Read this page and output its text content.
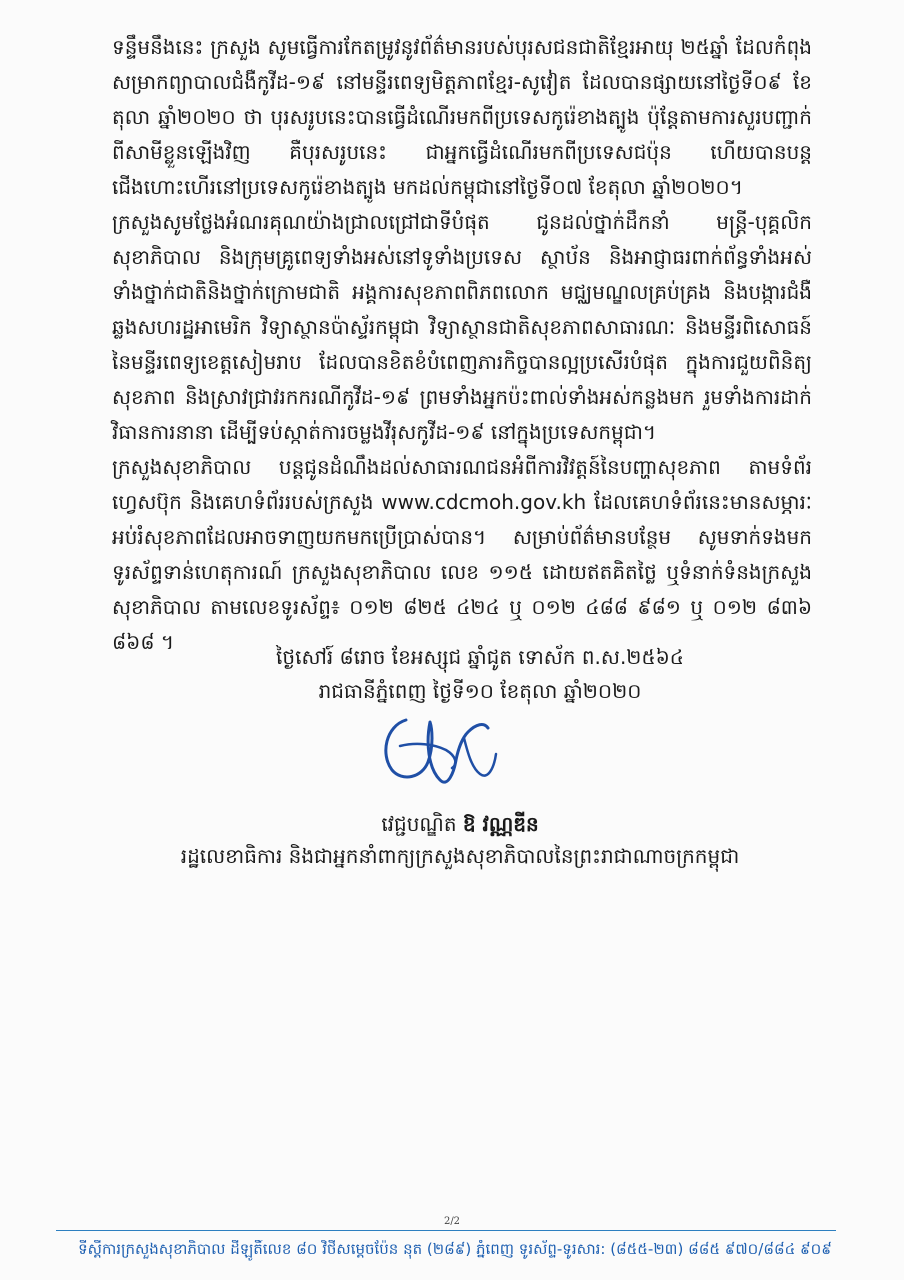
ទន្ទឹមនឹងនេះ ក្រសួង សូមធ្វើការកែតម្រូវនូវព័ត៌មានរបស់បុរសជនជាតិខ្មែរអាយុ ២៥ឆ្នាំ ដែលកំពុងសម្រាកព្យាបាលជំងឺកូវីដ-១៩ នៅមន្ទីរពេទ្យមិត្តភាពខ្មែរ-សូវៀត ដែលបានផ្សាយនៅថ្ងៃទី០៩ ខែតុលា ឆ្នាំ២០២០ ថា បុរសរូបនេះបានធ្វើដំណើរមកពីប្រទេសកូរ៉េខាងត្បូង ប៉ុន្តែតាមការសួរបញ្ជាក់ពីសាមីខ្លួនឡើងវិញ គឺបុរសរូបនេះ ជាអ្នកធ្វើដំណើរមកពីប្រទេសជប៉ុន ហើយបានបន្តជើងហោះហើរនៅប្រទេសកូរ៉េខាងត្បូង មកដល់កម្ពុជានៅថ្ងៃទី០៧ ខែតុលា ឆ្នាំ២០២០។

ក្រសួងសូមថ្លែងអំណរគុណយ៉ាងជ្រាលជ្រៅជាទីបំផុត ជូនដល់ថ្នាក់ដឹកនាំ មន្ត្រី-បុគ្គលិកសុខាភិបាល និងក្រុមគ្រូពេទ្យទាំងអស់នៅទូទាំងប្រទេស ស្ថាប័ន និងអាជ្ញាធរពាក់ព័ន្ធទាំងអស់ ទាំងថ្នាក់ជាតិនិងថ្នាក់ក្រោមជាតិ អង្គការសុខភាពពិភពលោក មជ្ឈមណ្ឌលគ្រប់គ្រង និងបង្ការជំងឺឆ្លងសហរដ្ឋអាមេរិក វិទ្យាស្ថានប៉ាស្ទ័រកម្ពុជា វិទ្យាស្ថានជាតិសុខភាពសាធារណៈ និងមន្ទីរពិសោធន៍នៃមន្ទីរពេទ្យខេត្តសៀមរាប ដែលបានខិតខំបំពេញភារកិច្ចបានល្អប្រសើរបំផុត ក្នុងការជួយពិនិត្យសុខភាព និងស្រាវជ្រាវរកករណីកូវីដ-១៩ ព្រមទាំងអ្នកប៉ះពាល់ទាំងអស់កន្លងមក រួមទាំងការដាក់វិធានការនានា ដើម្បីទប់ស្កាត់ការចម្លងវីរុសកូវីដ-១៩ នៅក្នុងប្រទេសកម្ពុជា។

ក្រសួងសុខាភិបាល បន្តជូនដំណឹងដល់សាធារណជនអំពីការវិវត្តន៍នៃបញ្ហាសុខភាព តាមទំព័រហ្វេសប៊ុក និងគេហទំព័ររបស់ក្រសួង www.cdcmoh.gov.kh ដែលគេហទំព័រនេះមានសម្ភារៈអប់រំសុខភាពដែលអាចទាញយកមកប្រើប្រាស់បាន។ សម្រាប់ព័ត៌មានបន្ថែម សូមទាក់ទងមកទូរស័ព្ទទាន់ហេតុការណ៍ ក្រសួងសុខាភិបាល លេខ ១១៥ ដោយឥតគិតថ្លៃ ឬទំនាក់ទំនងក្រសួងសុខាភិបាល តាមលេខទូរស័ព្ទ៖ ០១២ ៨២៥ ៤២៤ ឬ ០១២ ៤៨៨ ៩៨១ ឬ ០១២ ៨៣៦ ៨៦៨ ។

ថ្ងៃសៅរ៍ ៨រោច ខែអស្សុជ ឆ្នាំជូត ទោស័ក ព.ស.២៥៦៤
រាជធានីភ្នំពេញ ថ្ងៃទី១០ ខែតុលា ឆ្នាំ២០២០
វេជ្ជបណ្ឌិត ឱ វណ្ណឌីន
រដ្ឋលេខាធិការ និងជាអ្នកនាំពាក្យក្រសួងសុខាភិបាលនៃព្រះរាជាណាចក្រកម្ពុជា
2/2
ទីស្តីការក្រសួងសុខាភិបាល ដីឡូតិ៍លេខ ៨០ វិថីសម្តេចប៉ែន នុត (២៨៩) ភ្នំពេញ ទូរស័ព្ទ-ទូរសារ: (៨៥៥-២៣) ៨៨៥ ៩៧០/៨៨៤ ៩០៩
